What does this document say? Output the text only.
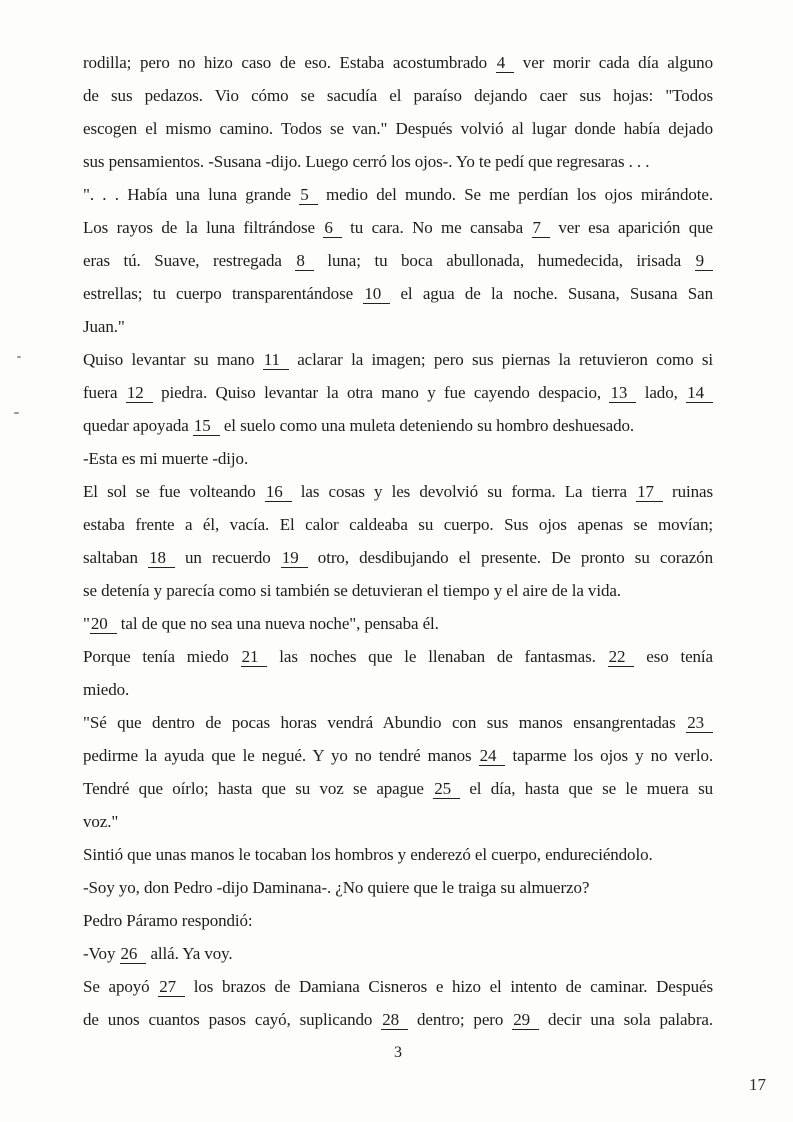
rodilla; pero no hizo caso de eso. Estaba acostumbrado 4 ver morir cada día alguno
de sus pedazos. Vio cómo se sacudía el paraíso dejando caer sus hojas: "Todos
escogen el mismo camino. Todos se van." Después volvió al lugar donde había dejado
sus pensamientos. -Susana -dijo. Luego cerró los ojos-. Yo te pedí que regresaras . . .
". . . Había una luna grande 5 medio del mundo. Se me perdían los ojos mirándote.
Los rayos de la luna filtrándose 6 tu cara. No me cansaba 7 ver esa aparición que
eras tú. Suave, restregada 8 luna; tu boca abullonada, humedecida, irisada 9
estrellas; tu cuerpo transparentándose 10 el agua de la noche. Susana, Susana San
Juan."
Quiso levantar su mano 11 aclarar la imagen; pero sus piernas la retuvieron como si
fuera 12 piedra. Quiso levantar la otra mano y fue cayendo despacio, 13 lado, 14
quedar apoyada 15 el suelo como una muleta deteniendo su hombro deshuesado.
-Esta es mi muerte -dijo.
El sol se fue volteando 16 las cosas y les devolvió su forma. La tierra 17 ruinas
estaba frente a él, vacía. El calor caldeaba su cuerpo. Sus ojos apenas se movían;
saltaban 18 un recuerdo 19 otro, desdibujando el presente. De pronto su corazón
se detenía y parecía como si también se detuvieran el tiempo y el aire de la vida.
"20 tal de que no sea una nueva noche", pensaba él.
Porque tenía miedo 21 las noches que le llenaban de fantasmas. 22 eso tenía
miedo.
"Sé que dentro de pocas horas vendrá Abundio con sus manos ensangrentadas 23
pedirme la ayuda que le negué. Y yo no tendré manos 24 taparme los ojos y no verlo.
Tendré que oírlo; hasta que su voz se apague 25 el día, hasta que se le muera su
voz."
Sintió que unas manos le tocaban los hombros y enderezó el cuerpo, endureciéndolo.
-Soy yo, don Pedro -dijo Daminana-. ¿No quiere que le traiga su almuerzo?
Pedro Páramo respondió:
-Voy 26 allá. Ya voy.
Se apoyó 27 los brazos de Damiana Cisneros e hizo el intento de caminar. Después
de unos cuantos pasos cayó, suplicando 28 dentro; pero 29 decir una sola palabra.
3
17
